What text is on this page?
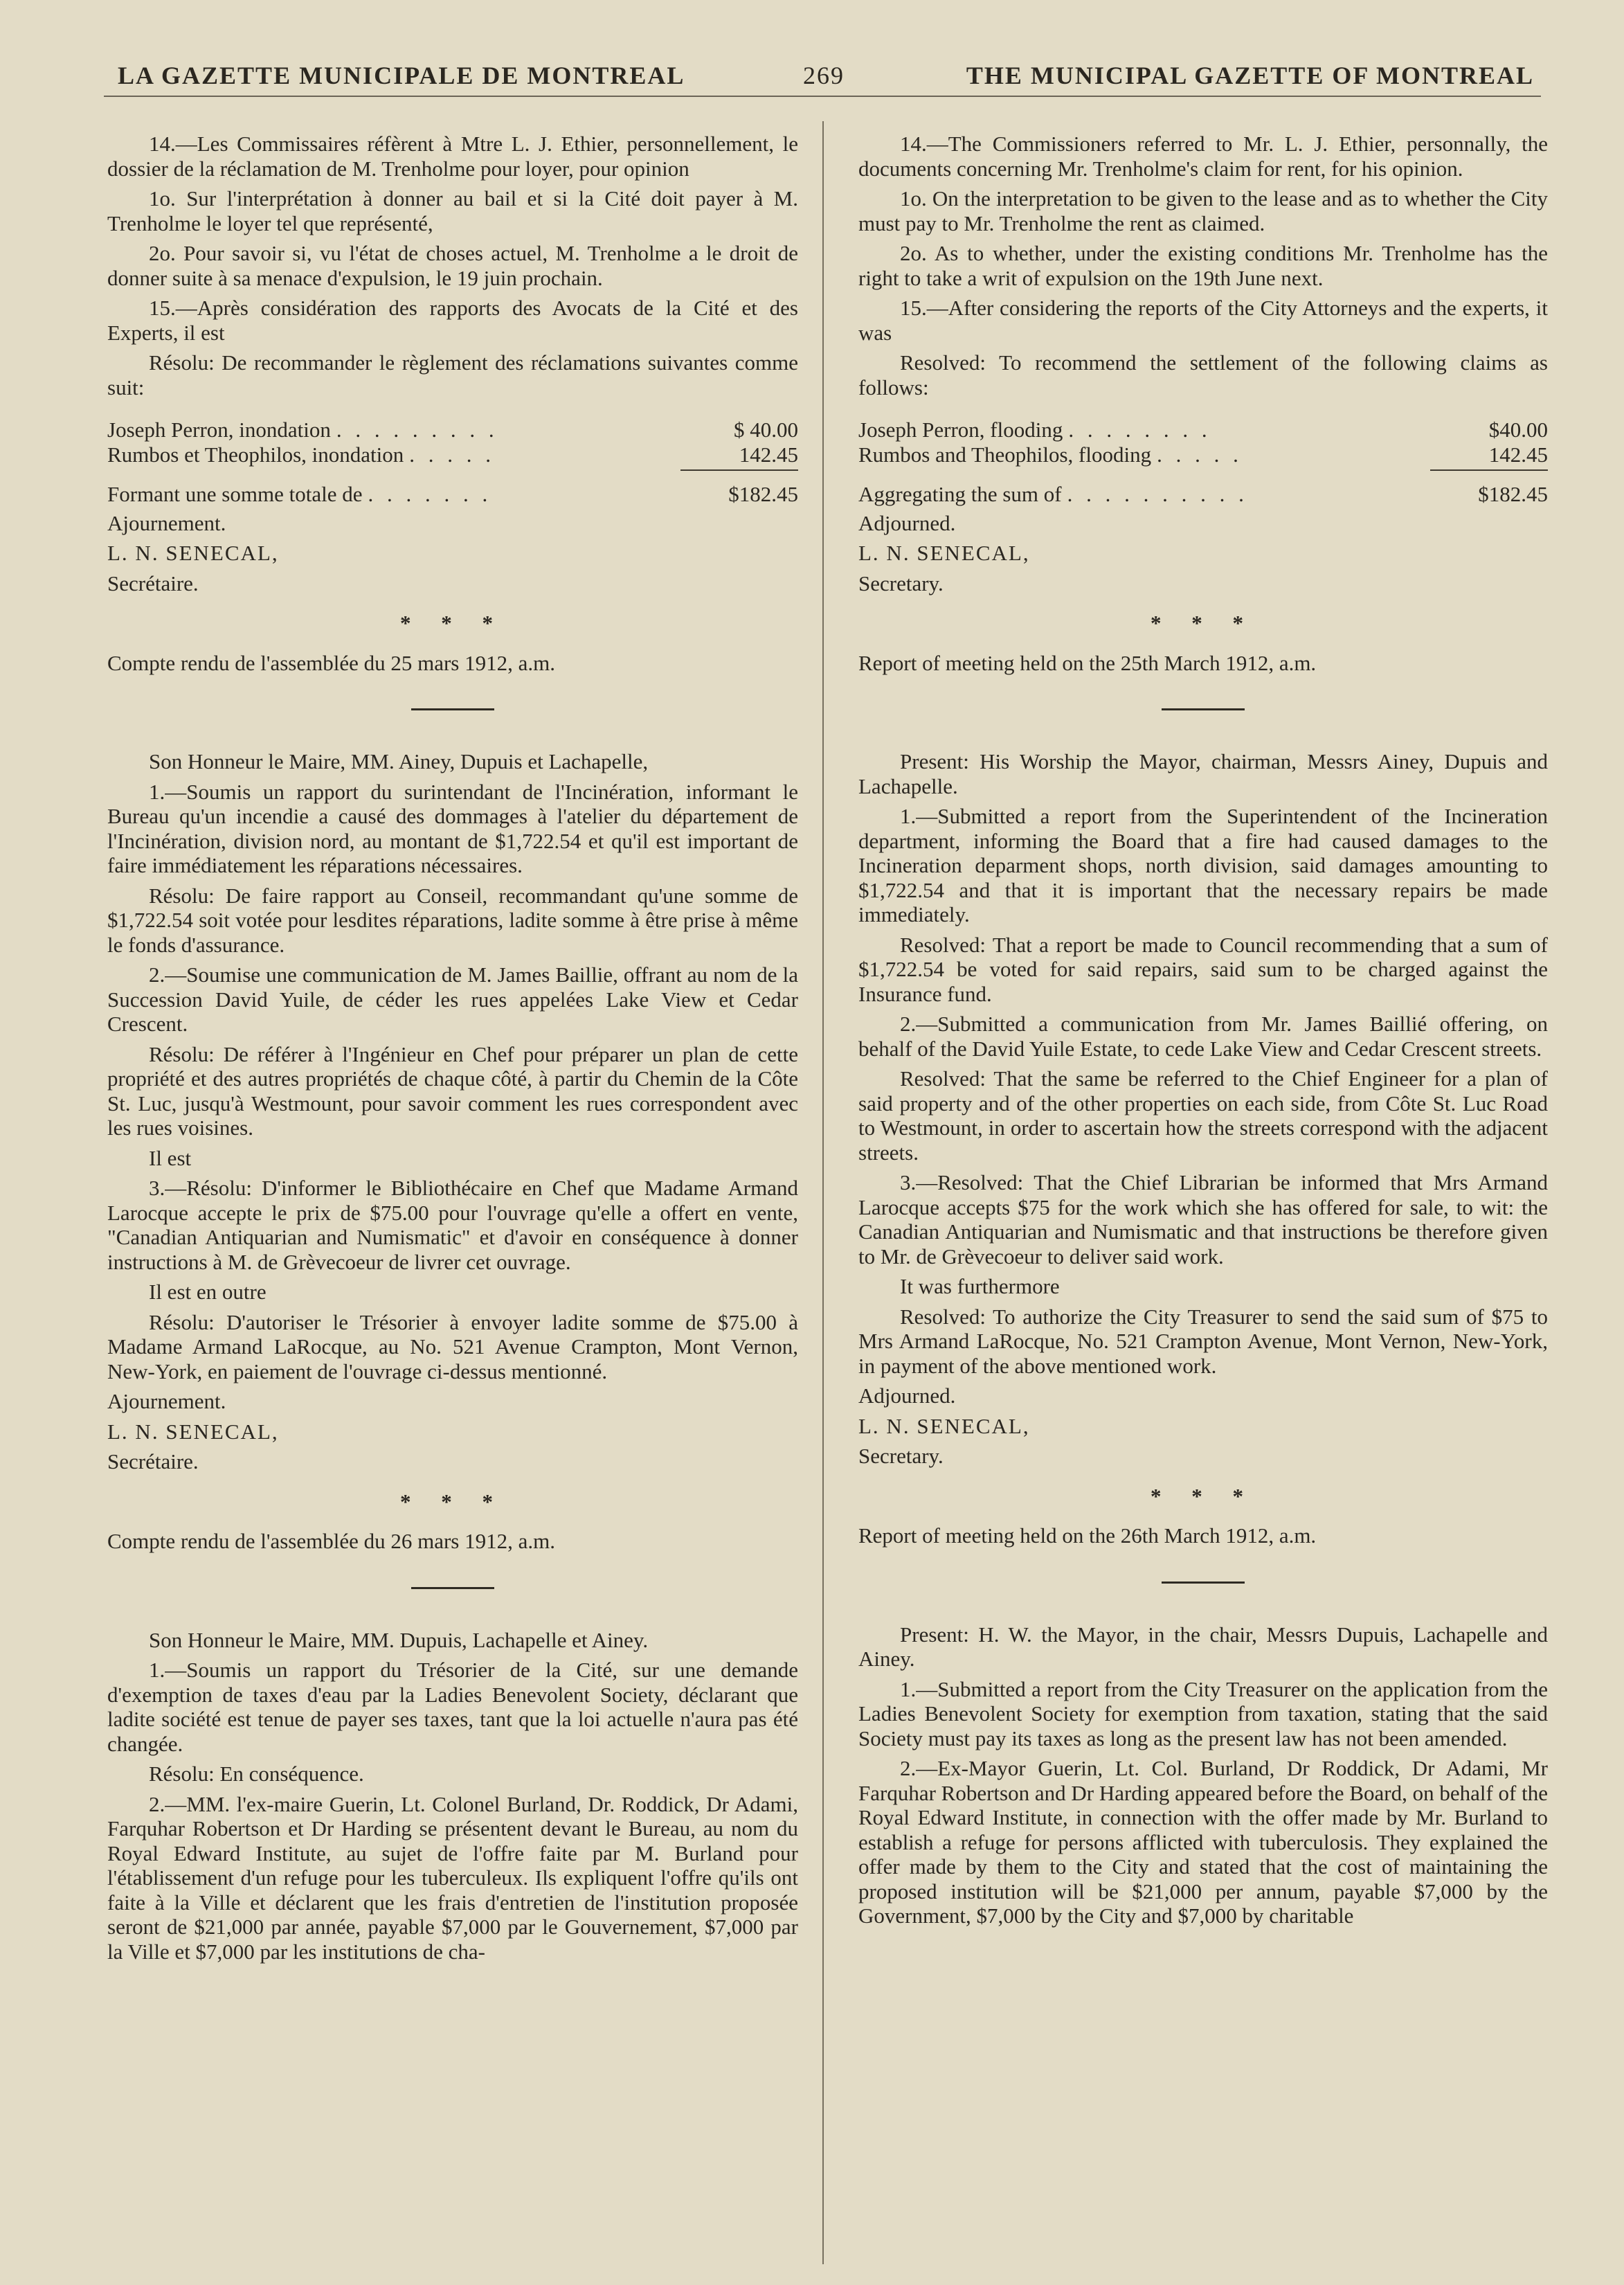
LA GAZETTE MUNICIPALE DE MONTREAL	269	THE MUNICIPAL GAZETTE OF MONTREAL

14.—Les Commissaires réfèrent à Mtre L. J. Ethier, personnellement, le dossier de la réclamation de M. Trenholme pour loyer, pour opinion

1o. Sur l'interprétation à donner au bail et si la Cité doit payer à M. Trenholme le loyer tel que représenté,

2o. Pour savoir si, vu l'état de choses actuel, M. Trenholme a le droit de donner suite à sa menace d'expulsion, le 19 juin prochain.

15.—Après considération des rapports des Avocats de la Cité et des Experts, il est

Résolu: De recommander le règlement des réclamations suivantes comme suit:

Joseph Perron, inondation . . . . . . . . .	$ 40.00
Rumbos et Theophilos, inondation . . . . .	142.45
Formant une somme totale de . . . . . . .	$182.45

Ajournement.

L. N. SENECAL,

Secrétaire.

* * *

Compte rendu de l'assemblée du 25 mars 1912, a.m.

Son Honneur le Maire, MM. Ainey, Dupuis et Lachapelle,

1.—Soumis un rapport du surintendant de l'Incinération, informant le Bureau qu'un incendie a causé des dommages à l'atelier du département de l'Incinération, division nord, au montant de $1,722.54 et qu'il est important de faire immédiatement les réparations nécessaires.

Résolu: De faire rapport au Conseil, recommandant qu'une somme de $1,722.54 soit votée pour lesdites réparations, ladite somme à être prise à même le fonds d'assurance.

2.—Soumise une communication de M. James Baillie, offrant au nom de la Succession David Yuile, de céder les rues appelées Lake View et Cedar Crescent.

Résolu: De référer à l'Ingénieur en Chef pour préparer un plan de cette propriété et des autres propriétés de chaque côté, à partir du Chemin de la Côte St. Luc, jusqu'à Westmount, pour savoir comment les rues correspondent avec les rues voisines.

Il est

3.—Résolu: D'informer le Bibliothécaire en Chef que Madame Armand Larocque accepte le prix de $75.00 pour l'ouvrage qu'elle a offert en vente, "Canadian Antiquarian and Numismatic" et d'avoir en conséquence à donner instructions à M. de Grèvecoeur de livrer cet ouvrage.

Il est en outre

Résolu: D'autoriser le Trésorier à envoyer ladite somme de $75.00 à Madame Armand LaRocque, au No. 521 Avenue Crampton, Mont Vernon, New-York, en paiement de l'ouvrage ci-dessus mentionné.

Ajournement.

L. N. SENECAL,

Secrétaire.

* * *

Compte rendu de l'assemblée du 26 mars 1912, a.m.

Son Honneur le Maire, MM. Dupuis, Lachapelle et Ainey.

1.—Soumis un rapport du Trésorier de la Cité, sur une demande d'exemption de taxes d'eau par la Ladies Benevolent Society, déclarant que ladite société est tenue de payer ses taxes, tant que la loi actuelle n'aura pas été changée.

Résolu: En conséquence.

2.—MM. l'ex-maire Guerin, Lt. Colonel Burland, Dr. Roddick, Dr Adami, Farquhar Robertson et Dr Harding se présentent devant le Bureau, au nom du Royal Edward Institute, au sujet de l'offre faite par M. Burland pour l'établissement d'un refuge pour les tuberculeux. Ils expliquent l'offre qu'ils ont faite à la Ville et déclarent que les frais d'entretien de l'institution proposée seront de $21,000 par année, payable $7,000 par le Gouvernement, $7,000 par la Ville et $7,000 par les institutions de cha-

14.—The Commissioners referred to Mr. L. J. Ethier, personnally, the documents concerning Mr. Trenholme's claim for rent, for his opinion.

1o. On the interpretation to be given to the lease and as to whether the City must pay to Mr. Trenholme the rent as claimed.

2o. As to whether, under the existing conditions Mr. Trenholme has the right to take a writ of expulsion on the 19th June next.

15.—After considering the reports of the City Attorneys and the experts, it was

Resolved: To recommend the settlement of the following claims as follows:

Joseph Perron, flooding . . . . . . . .	$40.00
Rumbos and Theophilos, flooding . . . . .	142.45
Aggregating the sum of . . . . . . . . . .	$182.45

Adjourned.

L. N. SENECAL,

Secretary.

* * *

Report of meeting held on the 25th March 1912, a.m.

Present: His Worship the Mayor, chairman, Messrs Ainey, Dupuis and Lachapelle.

1.—Submitted a report from the Superintendent of the Incineration department, informing the Board that a fire had caused damages to the Incineration deparment shops, north division, said damages amounting to $1,722.54 and that it is important that the necessary repairs be made immediately.

Resolved: That a report be made to Council recommending that a sum of $1,722.54 be voted for said repairs, said sum to be charged against the Insurance fund.

2.—Submitted a communication from Mr. James Baillié offering, on behalf of the David Yuile Estate, to cede Lake View and Cedar Crescent streets.

Resolved: That the same be referred to the Chief Engineer for a plan of said property and of the other properties on each side, from Côte St. Luc Road to Westmount, in order to ascertain how the streets correspond with the adjacent streets.

3.—Resolved: That the Chief Librarian be informed that Mrs Armand Larocque accepts $75 for the work which she has offered for sale, to wit: the Canadian Antiquarian and Numismatic and that instructions be therefore given to Mr. de Grèvecoeur to deliver said work.

It was furthermore

Resolved: To authorize the City Treasurer to send the said sum of $75 to Mrs Armand LaRocque, No. 521 Crampton Avenue, Mont Vernon, New-York, in payment of the above mentioned work.

Adjourned.

L. N. SENECAL,

Secretary.

* * *

Report of meeting held on the 26th March 1912, a.m.

Present: H. W. the Mayor, in the chair, Messrs Dupuis, Lachapelle and Ainey.

1.—Submitted a report from the City Treasurer on the application from the Ladies Benevolent Society for exemption from taxation, stating that the said Society must pay its taxes as long as the present law has not been amended.

2.—Ex-Mayor Guerin, Lt. Col. Burland, Dr Roddick, Dr Adami, Mr Farquhar Robertson and Dr Harding appeared before the Board, on behalf of the Royal Edward Institute, in connection with the offer made by Mr. Burland to establish a refuge for persons afflicted with tuberculosis. They explained the offer made by them to the City and stated that the cost of maintaining the proposed institution will be $21,000 per annum, payable $7,000 by the Government, $7,000 by the City and $7,000 by charitable
